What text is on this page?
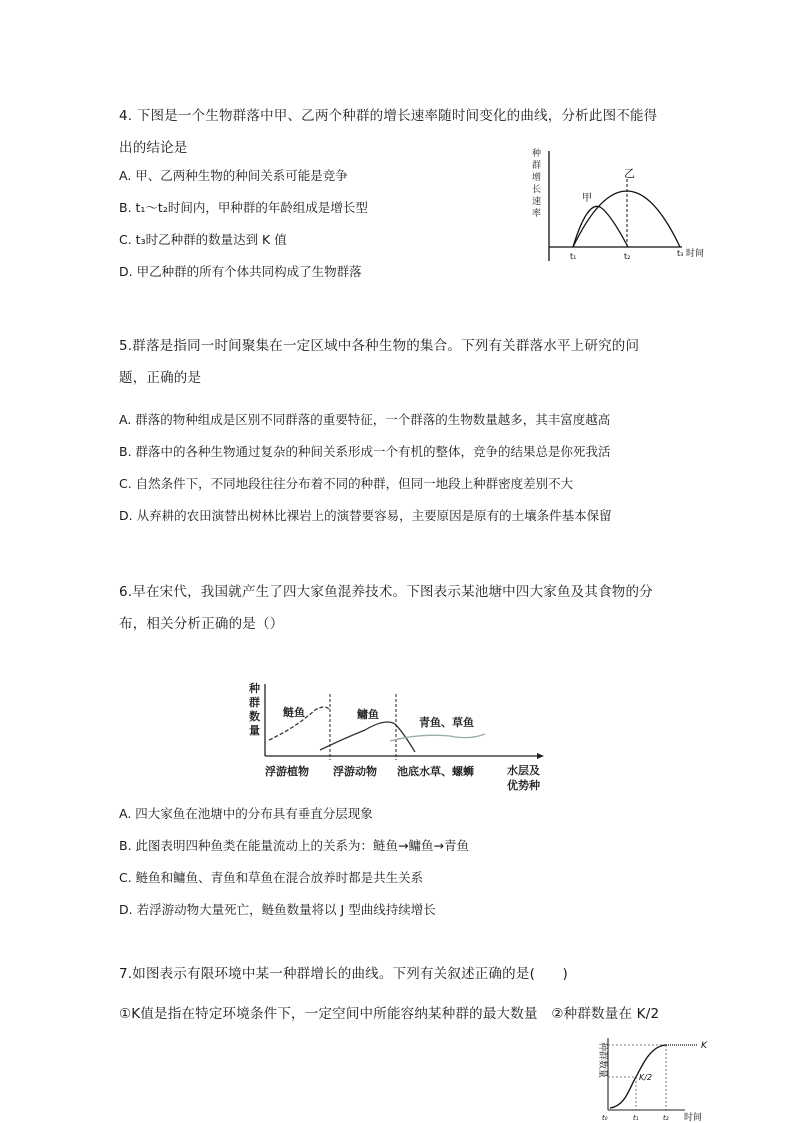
4. 下图是一个生物群落中甲、乙两个种群的增长速率随时间变化的曲线，分析此图不能得
出的结论是
A. 甲、乙两种生物的种间关系可能是竞争
B. t₁～t₂时间内，甲种群的年龄组成是增长型
C. t₃时乙种群的数量达到 K 值
D. 甲乙种群的所有个体共同构成了生物群落
种
群
增
长
速
率
甲
乙
t₁	t₂	t₃ 时间
5.群落是指同一时间聚集在一定区域中各种生物的集合。下列有关群落水平上研究的问
题，正确的是
A. 群落的物种组成是区别不同群落的重要特征，一个群落的生物数量越多，其丰富度越高
B. 群落中的各种生物通过复杂的种间关系形成一个有机的整体，竞争的结果总是你死我活
C. 自然条件下，不同地段往往分布着不同的种群，但同一地段上种群密度差别不大
D. 从弃耕的农田演替出树林比裸岩上的演替要容易，主要原因是原有的土壤条件基本保留
6.早在宋代，我国就产生了四大家鱼混养技术。下图表示某池塘中四大家鱼及其食物的分
布，相关分析正确的是（）
种
群
数
量
鲢鱼	鳙鱼
青鱼、草鱼
浮游植物 浮游动物 池底水草、螺蛳	水层及
优势种
A. 四大家鱼在池塘中的分布具有垂直分层现象
B. 此图表明四种鱼类在能量流动上的关系为：鲢鱼→鳙鱼→青鱼
C. 鲢鱼和鳙鱼、青鱼和草鱼在混合放养时都是共生关系
D. 若浮游动物大量死亡，鲢鱼数量将以 J 型曲线持续增长
7.如图表示有限环境中某一种群增长的曲线。下列有关叙述正确的是(　　)
①K值是指在特定环境条件下，一定空间中所能容纳某种群的最大数量　②种群数量在 K/2
种群数量	K
K/2
t₀	t₁	t₂ 时间
